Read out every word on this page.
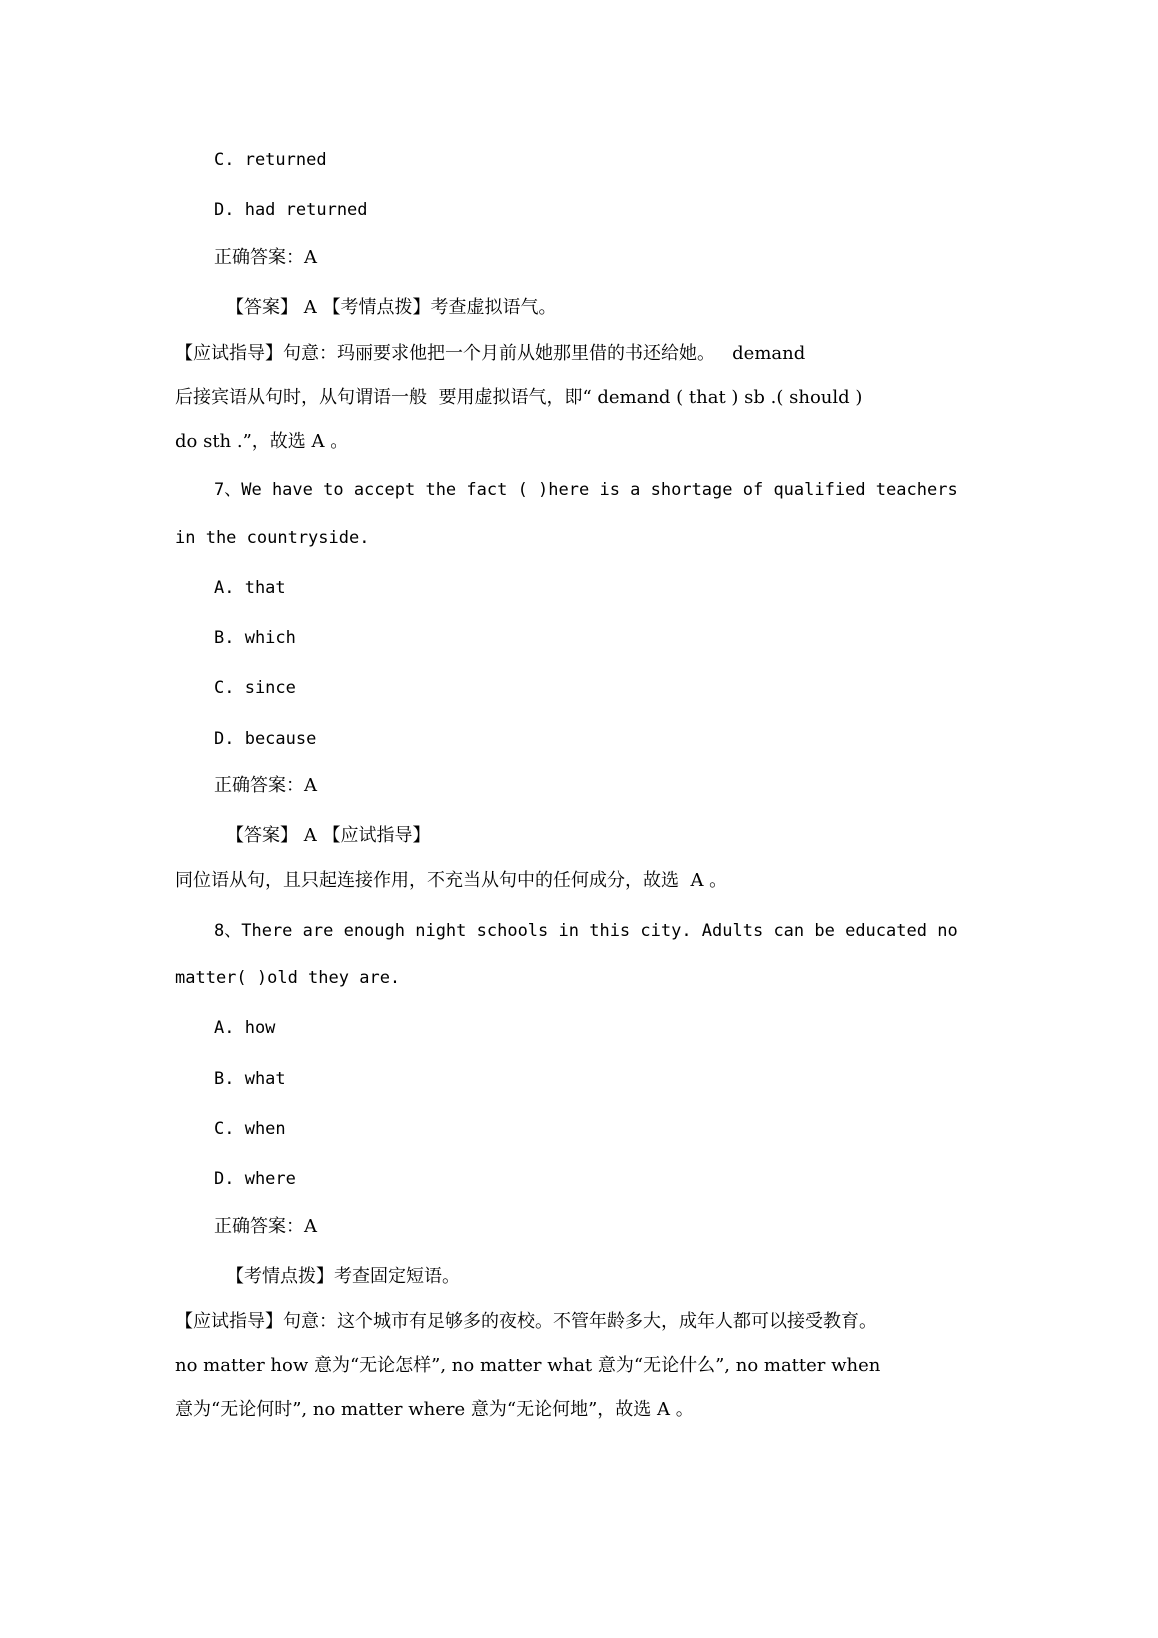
C. returned
D. had returned
正确答案：A
【答案】 A 【考情点拨】考查虚拟语气。
【应试指导】句意：玛丽要求他把一个月前从她那里借的书还给她。   demand
后接宾语从句时，从句谓语一般  要用虚拟语气，即“ demand ( that ) sb .( should )
do sth .”，故选 A 。
7、We have to accept the fact ( )here is a shortage of qualified teachers
in the countryside.
A. that
B. which
C. since
D. because
正确答案：A
【答案】 A 【应试指导】
同位语从句，且只起连接作用，不充当从句中的任何成分，故选  A 。
8、There are enough night schools in this city. Adults can be educated no
matter( )old they are.
A. how
B. what
C. when
D. where
正确答案：A
【考情点拨】考查固定短语。
【应试指导】句意：这个城市有足够多的夜校。不管年龄多大，成年人都可以接受教育。
no matter how 意为“无论怎样”, no matter what 意为“无论什么”, no matter when
意为“无论何时”, no matter where 意为“无论何地”，故选 A 。
